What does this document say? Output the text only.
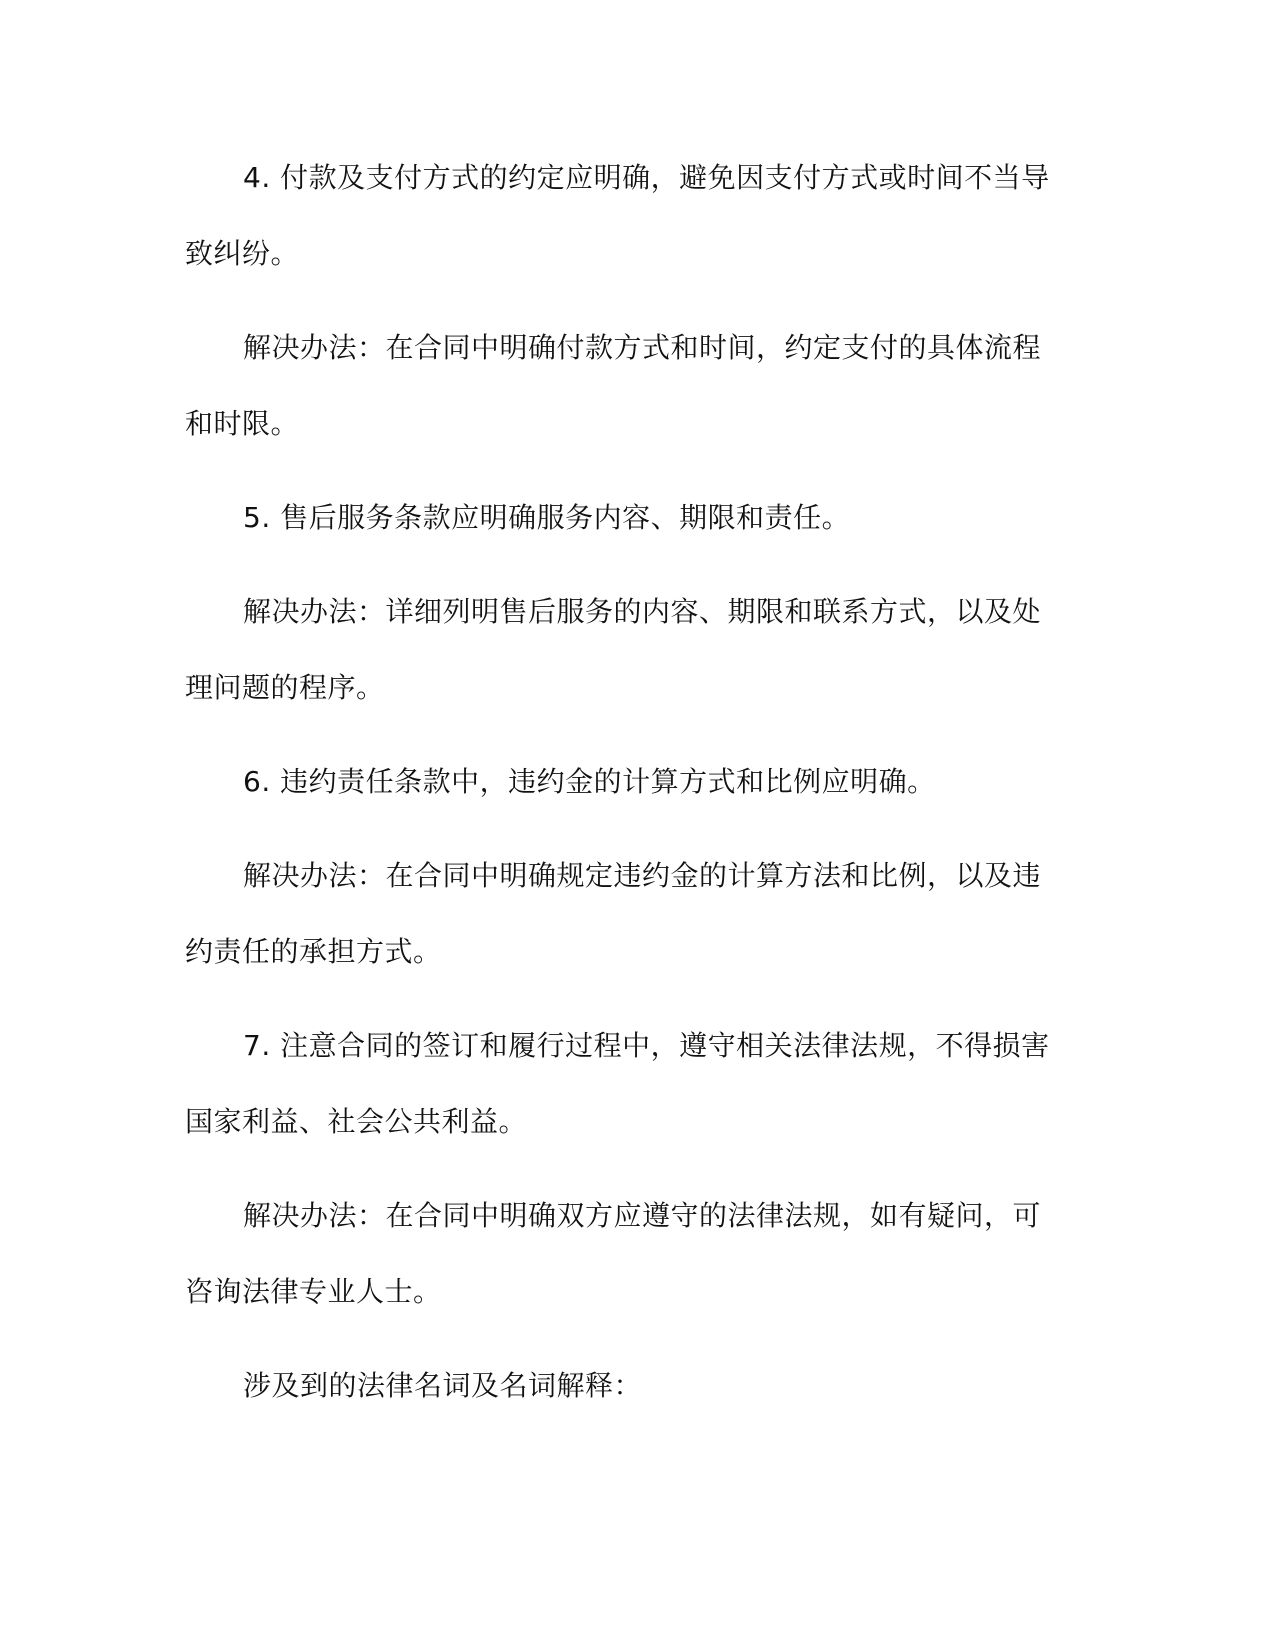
4. 付款及支付方式的约定应明确，避免因支付方式或时间不当导致纠纷。

解决办法：在合同中明确付款方式和时间，约定支付的具体流程和时限。

5. 售后服务条款应明确服务内容、期限和责任。

解决办法：详细列明售后服务的内容、期限和联系方式，以及处理问题的程序。

6. 违约责任条款中，违约金的计算方式和比例应明确。

解决办法：在合同中明确规定违约金的计算方法和比例，以及违约责任的承担方式。

7. 注意合同的签订和履行过程中，遵守相关法律法规，不得损害国家利益、社会公共利益。

解决办法：在合同中明确双方应遵守的法律法规，如有疑问，可咨询法律专业人士。

涉及到的法律名词及名词解释：
